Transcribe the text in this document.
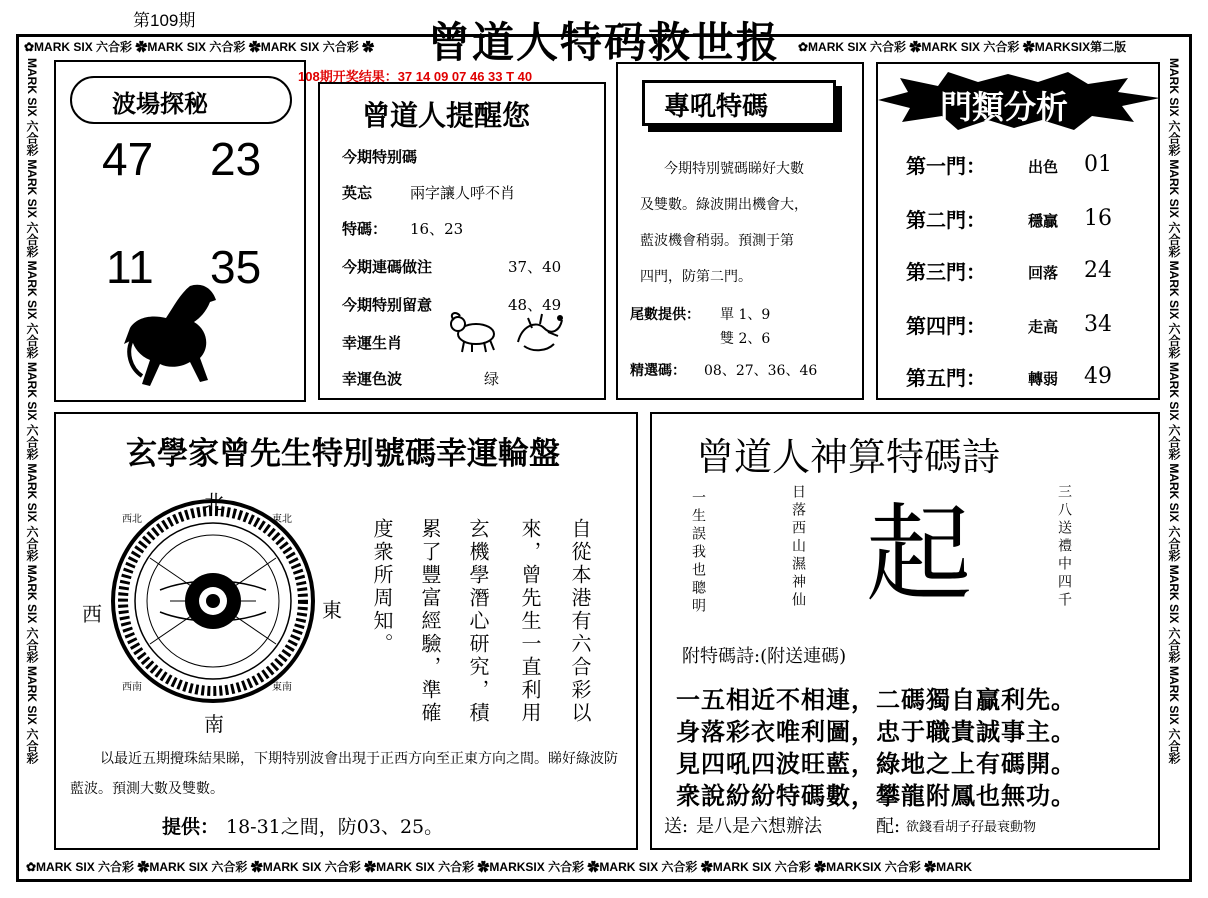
第109期	曾道人特码救世报
✿MARK SIX 六合彩 ✿MARK SIX 六合彩 ✿MARK SIX 六合彩 ✿	✿MARK SIX 六合彩 ✿MARK SIX 六合彩 ✿MARKSIX第二版
✿MARK SIX 六合彩 ✿MARK SIX 六合彩 ✿MARK SIX 六合彩 ✿MARK SIX 六合彩 ✿MARKSIX 六合彩 ✿MARK SIX 六合彩 ✿MARK SIX 六合彩 ✿MARKSIX 六合彩 ✿MARK
MARK SIX 六合彩 MARK SIX 六合彩 MARK SIX 六合彩 MARK SIX 六合彩 MARK SIX 六合彩 MARK SIX 六合彩 MARK SIX 六合彩	MARK SIX 六合彩 MARK SIX 六合彩 MARK SIX 六合彩 MARK SIX 六合彩 MARK SIX 六合彩 MARK SIX 六合彩 MARK SIX 六合彩
108期开奖结果：37 14 09 07 46 33 T 40
波場探秘
47 23
11 35
曾道人提醒您
今期特别碼
英忘	兩字讓人呼不肖
特碼： 16、23
今期連碼做注	37、40
今期特别留意	48、49
幸運生肖
幸運色波	绿
專吼特碼
今期特別號碼睇好大數
及雙數。綠波開出機會大，
藍波機會稍弱。預測于第
四門，防第二門。
尾數提供： 單 1、9
雙 2、6
精選碼： 08、27、36、46
門類分析
第一門：	出色 01
第二門：	穩贏 16
第三門：	回落 24
第四門：	走高 34
第五門：	轉弱 49
玄學家曾先生特別號碼幸運輪盤
北
南
東
西
東北
西北
東南
西南	自從本港有六合彩以
來，曾先生一直利用
玄機學潛心研究，積
累了豐富經驗，準確
度衆所周知。
以最近五期攪珠結果睇，下期特别波會出現于正西方向至正東方向之間。睇好綠波防藍波。預測大數及雙數。
提供： 18-31之間，防03、25。
曾道人神算特碼詩
一生誤我也聰明	日落西山濕神仙	三八送禮中四千
起
附特碼詩:(附送連碼)
一五相近不相連，二碼獨自贏利先。
身落彩衣唯利圖，忠于職貴誠事主。
見四吼四波旺藍，綠地之上有碼開。
衆說紛紛特碼數，攀龍附鳳也無功。
送: 是八是六想辦法	配: 欲錢看胡子孖最衰動物
